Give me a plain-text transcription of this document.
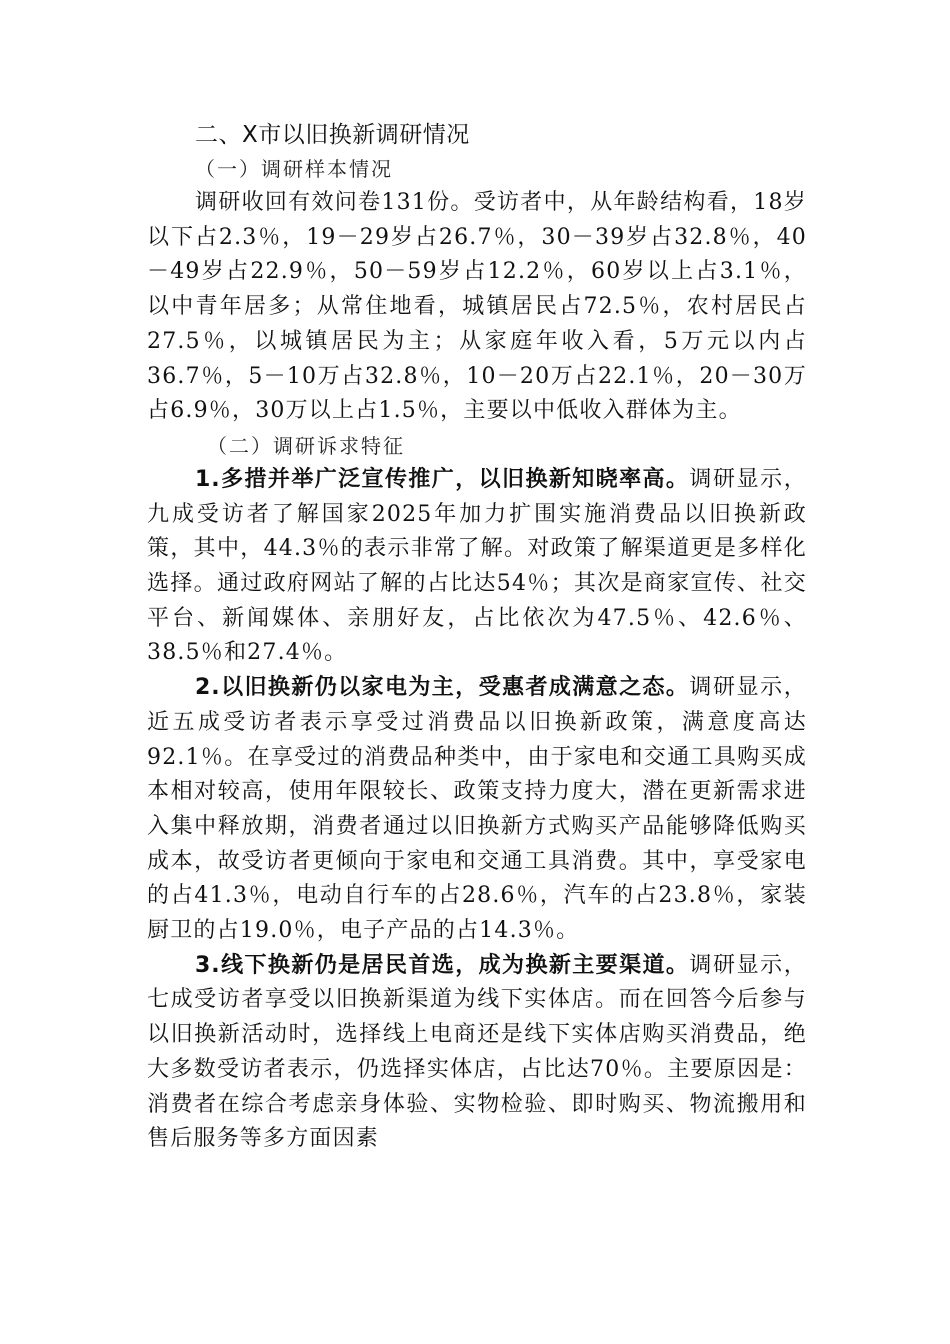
二、X市以旧换新调研情况
（一）调研样本情况

调研收回有效问卷131份。受访者中，从年龄结构看，18岁以下占2.3％，19－29岁占26.7％，30－39岁占32.8％，40－49岁占22.9％，50－59岁占12.2％，60岁以上占3.1％，以中青年居多；从常住地看，城镇居民占72.5％，农村居民占27.5％，以城镇居民为主；从家庭年收入看，5万元以内占36.7％，5－10万占32.8％，10－20万占22.1％，20－30万占6.9％，30万以上占1.5％，主要以中低收入群体为主。

（二）调研诉求特征

1.多措并举广泛宣传推广，以旧换新知晓率高。调研显示，九成受访者了解国家2025年加力扩围实施消费品以旧换新政策，其中，44.3％的表示非常了解。对政策了解渠道更是多样化选择。通过政府网站了解的占比达54％；其次是商家宣传、社交平台、新闻媒体、亲朋好友，占比依次为47.5％、42.6％、38.5％和27.4％。

2.以旧换新仍以家电为主，受惠者成满意之态。调研显示，近五成受访者表示享受过消费品以旧换新政策，满意度高达92.1％。在享受过的消费品种类中，由于家电和交通工具购买成本相对较高，使用年限较长、政策支持力度大，潜在更新需求进入集中释放期，消费者通过以旧换新方式购买产品能够降低购买成本，故受访者更倾向于家电和交通工具消费。其中，享受家电的占41.3％，电动自行车的占28.6％，汽车的占23.8％，家装厨卫的占19.0％，电子产品的占14.3％。

3.线下换新仍是居民首选，成为换新主要渠道。调研显示，七成受访者享受以旧换新渠道为线下实体店。而在回答今后参与以旧换新活动时，选择线上电商还是线下实体店购买消费品，绝大多数受访者表示，仍选择实体店，占比达70％。主要原因是：消费者在综合考虑亲身体验、实物检验、即时购买、物流搬用和售后服务等多方面因素
